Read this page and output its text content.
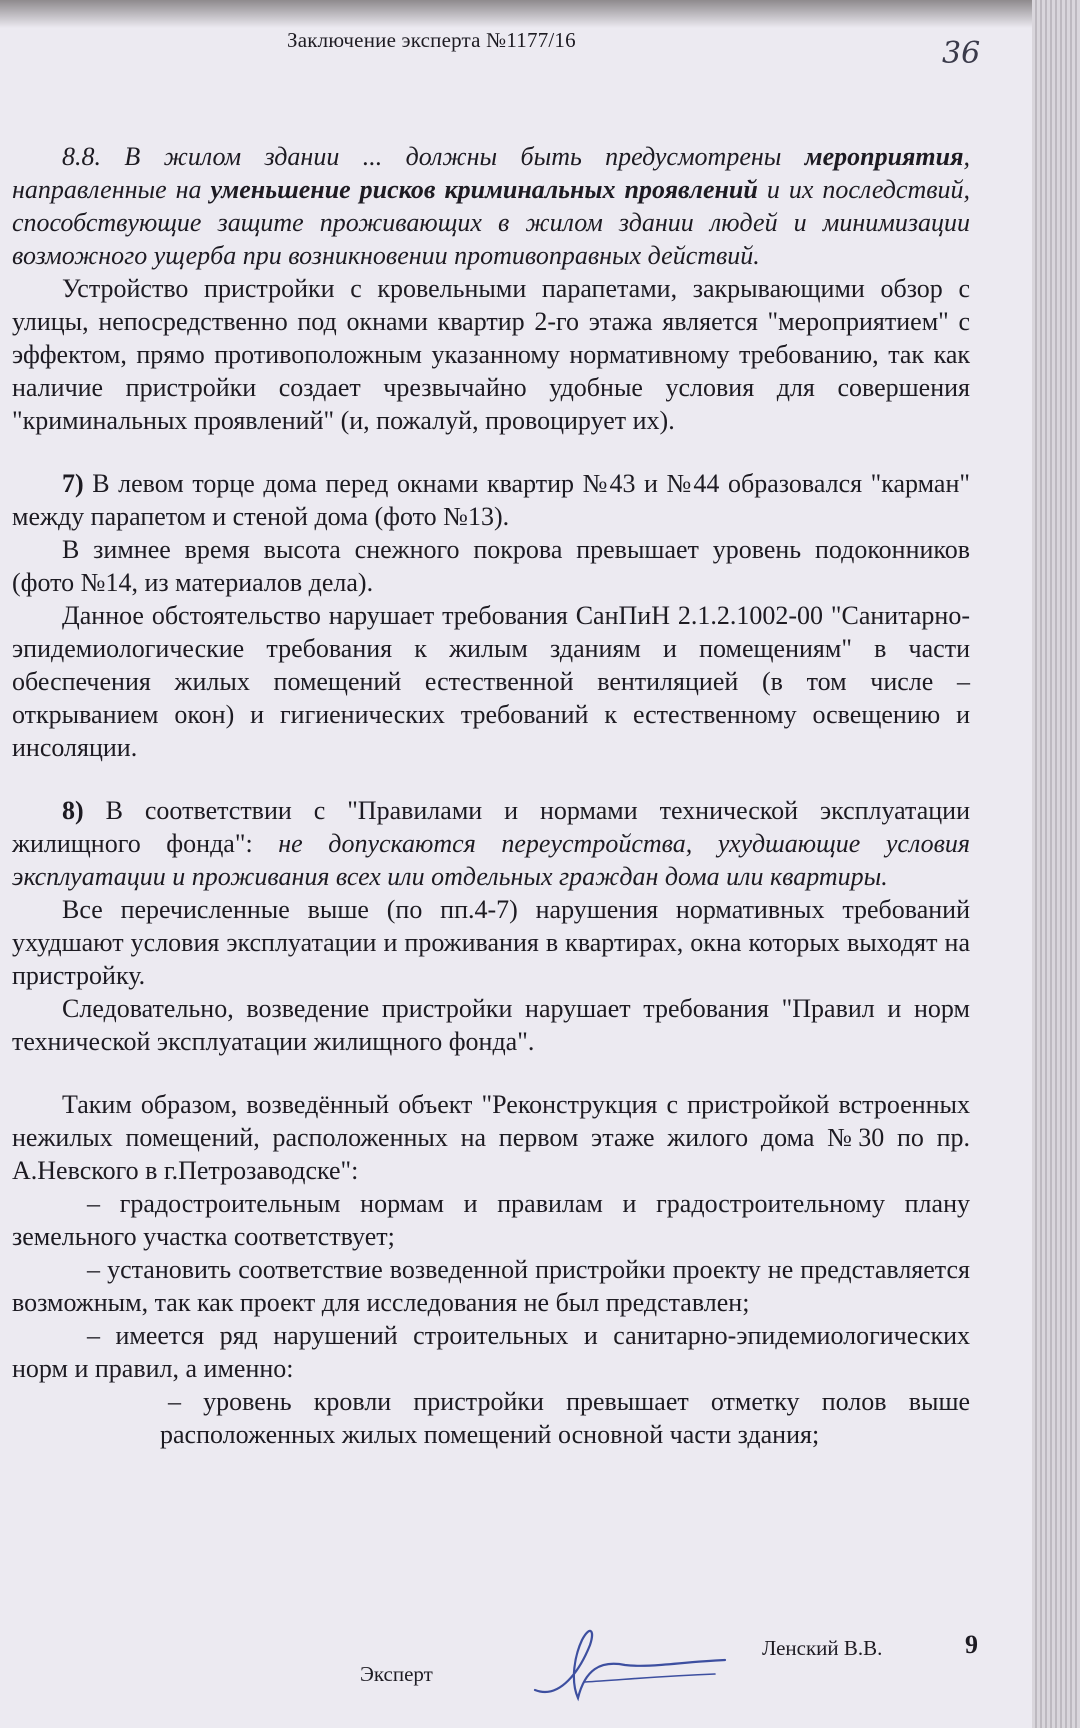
Заключение эксперта №1177/16	36

8.8. В жилом здании ... должны быть предусмотрены мероприятия, направленные на уменьшение рисков криминальных проявлений и их последствий, способствующие защите проживающих в жилом здании людей и минимизации возможного ущерба при возникновении противоправных действий.

Устройство пристройки с кровельными парапетами, закрывающими обзор с улицы, непосредственно под окнами квартир 2-го этажа является "мероприятием" с эффектом, прямо противоположным указанному нормативному требованию, так как наличие пристройки создает чрезвычайно удобные условия для совершения "криминальных проявлений" (и, пожалуй, провоцирует их).

7) В левом торце дома перед окнами квартир №43 и №44 образовался "карман" между парапетом и стеной дома (фото №13).

В зимнее время высота снежного покрова превышает уровень подоконников (фото №14, из материалов дела).

Данное обстоятельство нарушает требования СанПиН 2.1.2.1002-00 "Санитарно-эпидемиологические требования к жилым зданиям и помещениям" в части обеспечения жилых помещений естественной вентиляцией (в том числе – открыванием окон) и гигиенических требований к естественному освещению и инсоляции.

8) В соответствии с "Правилами и нормами технической эксплуатации жилищного фонда": не допускаются переустройства, ухудшающие условия эксплуатации и проживания всех или отдельных граждан дома или квартиры.

Все перечисленные выше (по пп.4-7) нарушения нормативных требований ухудшают условия эксплуатации и проживания в квартирах, окна которых выходят на пристройку.

Следовательно, возведение пристройки нарушает требования "Правил и норм технической эксплуатации жилищного фонда".

Таким образом, возведённый объект "Реконструкция с пристройкой встроенных нежилых помещений, расположенных на первом этаже жилого дома №30 по пр. А.Невского в г.Петрозаводске":

– градостроительным нормам и правилам и градостроительному плану земельного участка соответствует;

– установить соответствие возведенной пристройки проекту не представляется возможным, так как проект для исследования не был представлен;

– имеется ряд нарушений строительных и санитарно-эпидемиологических норм и правил, а именно:

– уровень кровли пристройки превышает отметку полов выше расположенных жилых помещений основной части здания;

Эксперт
Ленский В.В.	9
